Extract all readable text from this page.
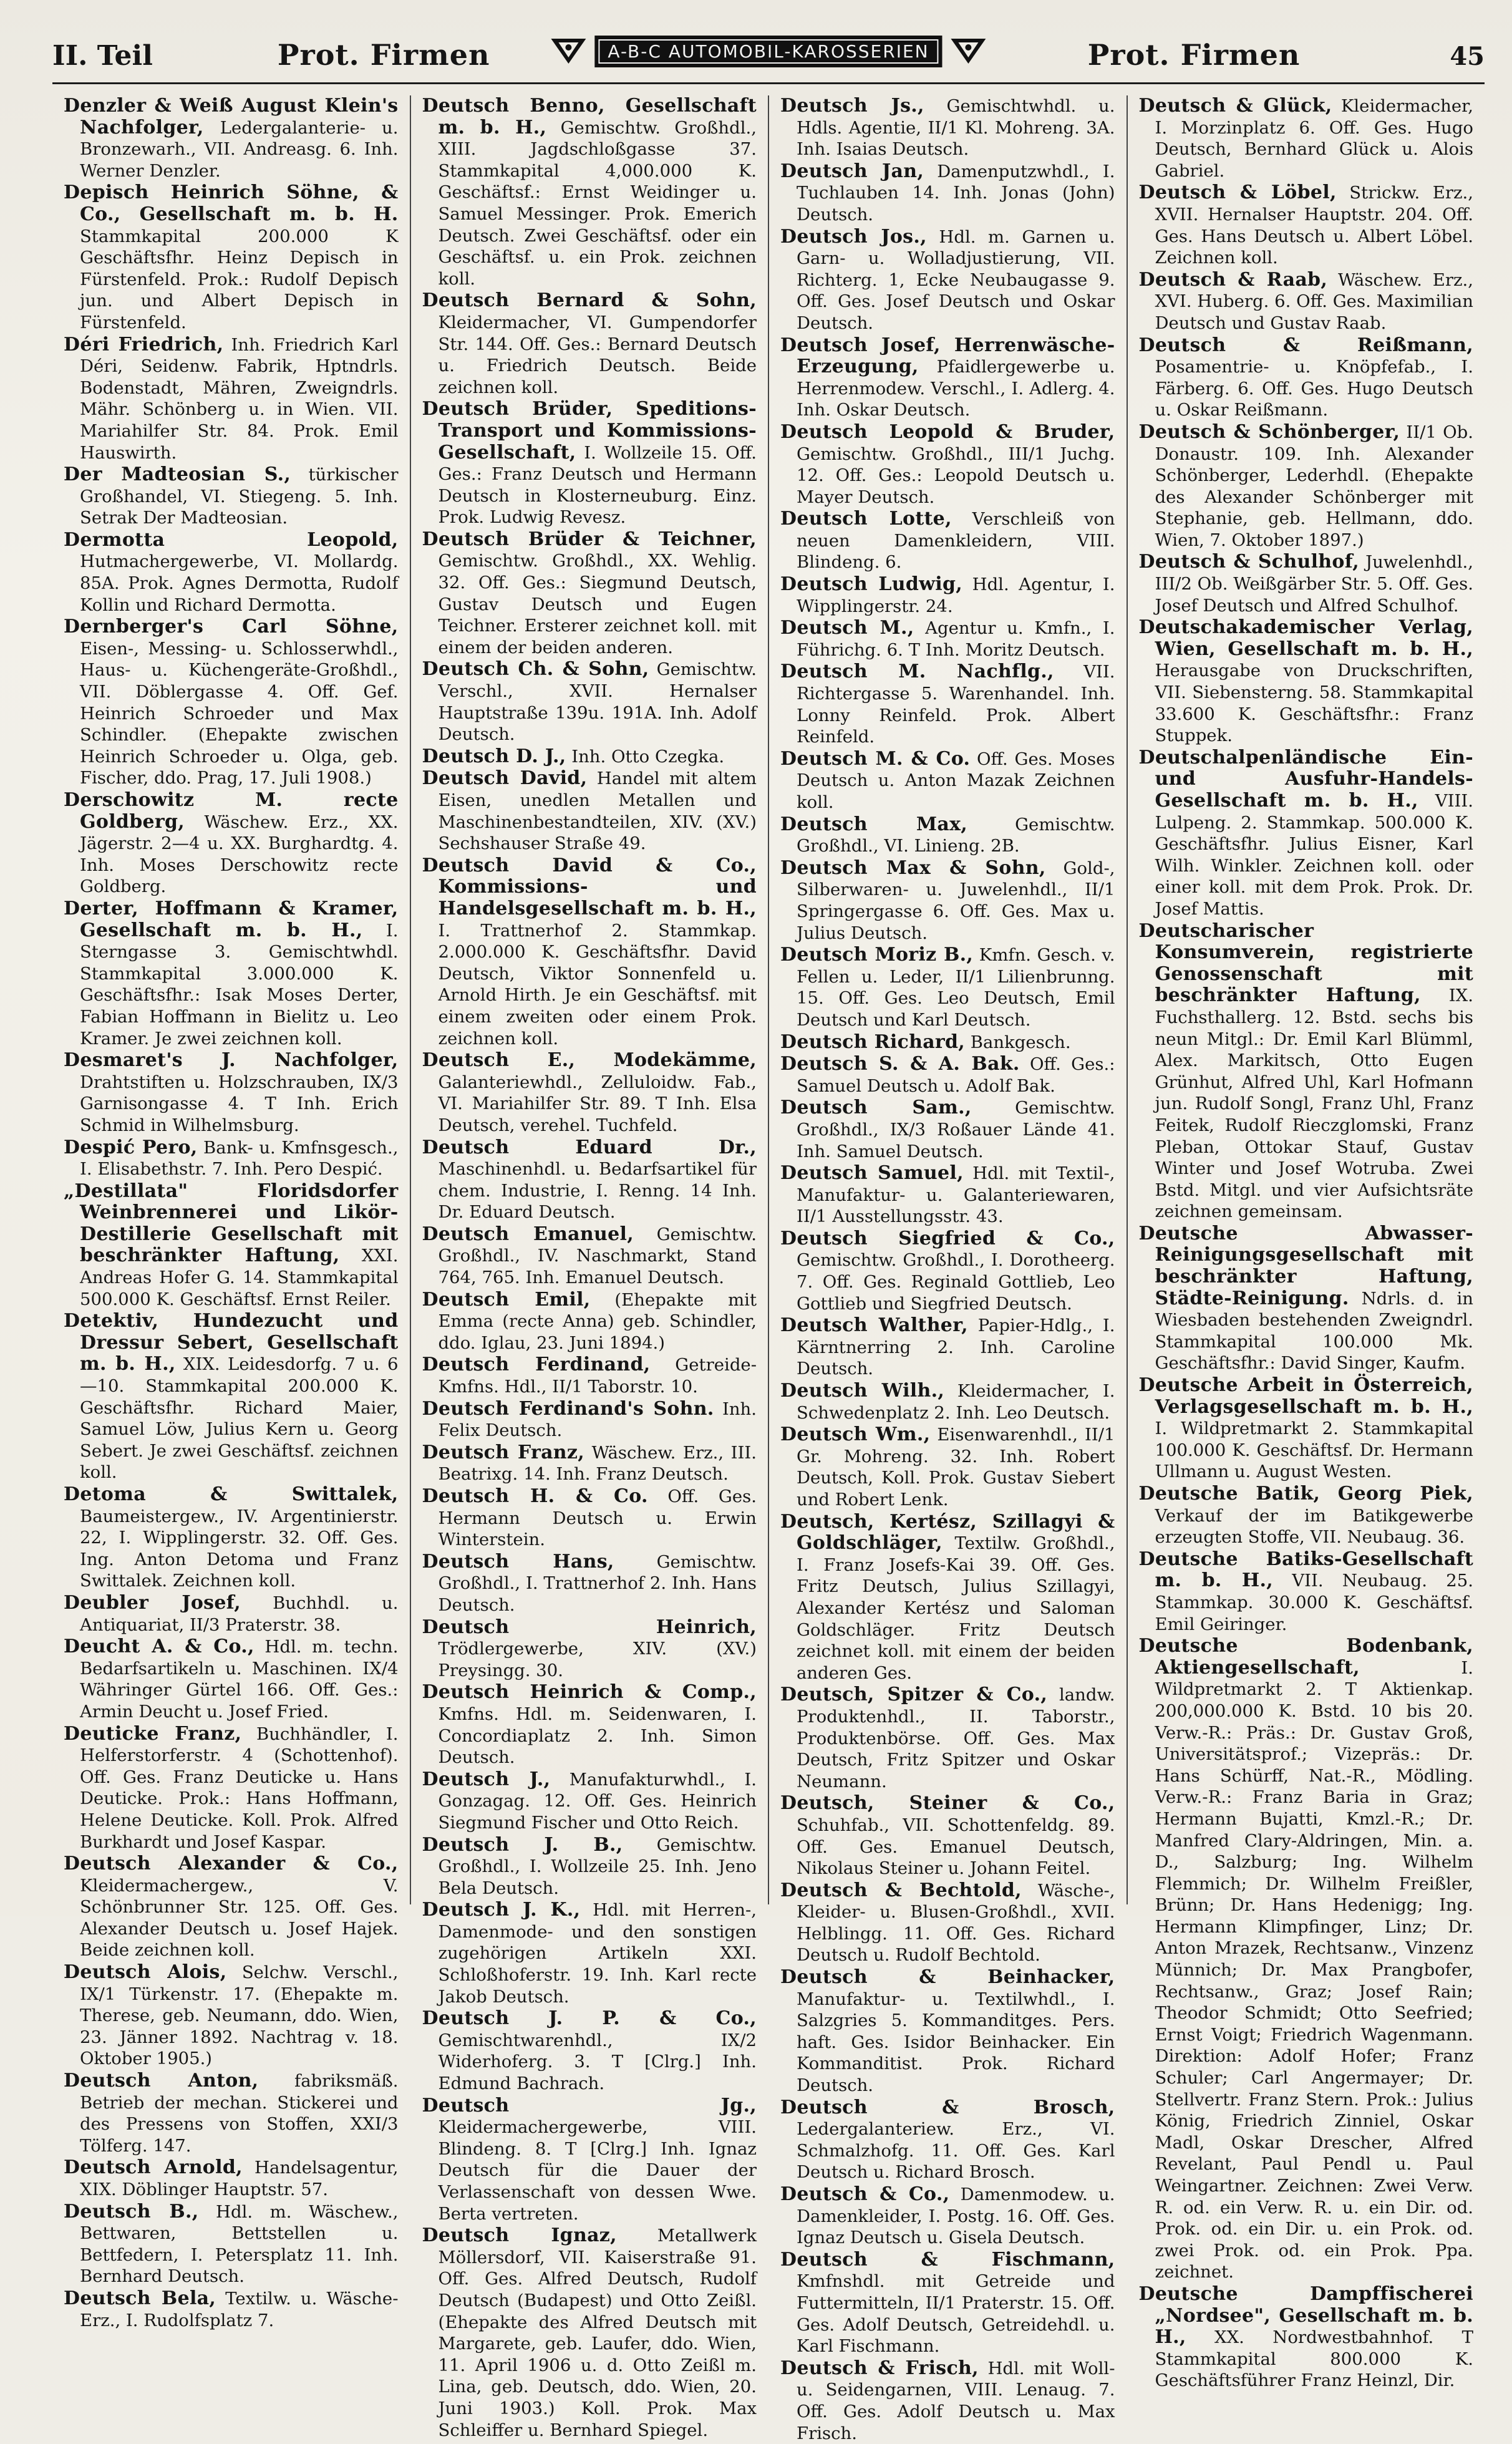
II. Teil	Prot. Firmen	A-B-C AUTOMOBIL-KAROSSERIEN	Prot. Firmen	45
Denzler & Weiß August Klein's Nachfolger, Ledergalanterie- u. Bronzewarh., VII. Andreasg. 6. Inh. Werner Denzler.
Depisch Heinrich Söhne, & Co., Gesellschaft m. b. H. Stammkapital 200.000 K Geschäftsfhr. Heinz Depisch in Fürstenfeld. Prok.: Rudolf Depisch jun. und Albert Depisch in Fürstenfeld.
Déri Friedrich, Inh. Friedrich Karl Déri, Seidenw. Fabrik, Hptndrls. Bodenstadt, Mähren, Zweigndrls. Mähr. Schönberg u. in Wien. VII. Mariahilfer Str. 84. Prok. Emil Hauswirth.
Der Madteosian S., türkischer Großhandel, VI. Stiegeng. 5. Inh. Setrak Der Madteosian.
Dermotta Leopold, Hutmachergewerbe, VI. Mollardg. 85A. Prok. Agnes Dermotta, Rudolf Kollin und Richard Dermotta.
Dernberger's Carl Söhne, Eisen-, Messing- u. Schlosserwhdl., Haus- u. Küchengeräte-Großhdl., VII. Döblergasse 4. Off. Gef. Heinrich Schroeder und Max Schindler. (Ehepakte zwischen Heinrich Schroeder u. Olga, geb. Fischer, ddo. Prag, 17. Juli 1908.)
Derschowitz M. recte Goldberg, Wäschew. Erz., XX. Jägerstr. 2—4 u. XX. Burghardtg. 4. Inh. Moses Derschowitz recte Goldberg.
Derter, Hoffmann & Kramer, Gesellschaft m. b. H., I. Sterngasse 3. Gemischtwhdl. Stammkapital 3.000.000 K. Geschäftsfhr.: Isak Moses Derter, Fabian Hoffmann in Bielitz u. Leo Kramer. Je zwei zeichnen koll.
Desmaret's J. Nachfolger, Drahtstiften u. Holzschrauben, IX/3 Garnisongasse 4. T Inh. Erich Schmid in Wilhelmsburg.
Despić Pero, Bank- u. Kmfnsgesch., I. Elisabethstr. 7. Inh. Pero Despić.
„Destillata" Floridsdorfer Weinbrennerei und Likör-Destillerie Gesellschaft mit beschränkter Haftung, XXI. Andreas Hofer G. 14. Stammkapital 500.000 K. Geschäftsf. Ernst Reiler.
Detektiv, Hundezucht und Dressur Sebert, Gesellschaft m. b. H., XIX. Leidesdorfg. 7 u. 6—10. Stammkapital 200.000 K. Geschäftsfhr. Richard Maier, Samuel Löw, Julius Kern u. Georg Sebert. Je zwei Geschäftsf. zeichnen koll.
Detoma & Swittalek, Baumeistergew., IV. Argentinierstr. 22, I. Wipplingerstr. 32. Off. Ges. Ing. Anton Detoma und Franz Swittalek. Zeichnen koll.
Deubler Josef, Buchhdl. u. Antiquariat, II/3 Praterstr. 38.
Deucht A. & Co., Hdl. m. techn. Bedarfsartikeln u. Maschinen. IX/4 Währinger Gürtel 166. Off. Ges.: Armin Deucht u. Josef Fried.
Deuticke Franz, Buchhändler, I. Helferstorferstr. 4 (Schottenhof). Off. Ges. Franz Deuticke u. Hans Deuticke. Prok.: Hans Hoffmann, Helene Deuticke. Koll. Prok. Alfred Burkhardt und Josef Kaspar.
Deutsch Alexander & Co., Kleidermachergew., V. Schönbrunner Str. 125. Off. Ges. Alexander Deutsch u. Josef Hajek. Beide zeichnen koll.
Deutsch Alois, Selchw. Verschl., IX/1 Türkenstr. 17. (Ehepakte m. Therese, geb. Neumann, ddo. Wien, 23. Jänner 1892. Nachtrag v. 18. Oktober 1905.)
Deutsch Anton, fabriksmäß. Betrieb der mechan. Stickerei und des Pressens von Stoffen, XXI/3 Tölferg. 147.
Deutsch Arnold, Handelsagentur, XIX. Döblinger Hauptstr. 57.
Deutsch B., Hdl. m. Wäschew., Bettwaren, Bettstellen u. Bettfedern, I. Petersplatz 11. Inh. Bernhard Deutsch.
Deutsch Bela, Textilw. u. Wäsche-Erz., I. Rudolfsplatz 7.
Deutsch Benno, Gesellschaft m. b. H., Gemischtw. Großhdl., XIII. Jagdschloßgasse 37. Stammkapital 4,000.000 K. Geschäftsf.: Ernst Weidinger u. Samuel Messinger. Prok. Emerich Deutsch. Zwei Geschäftsf. oder ein Geschäftsf. u. ein Prok. zeichnen koll.
Deutsch Bernard & Sohn, Kleidermacher, VI. Gumpendorfer Str. 144. Off. Ges.: Bernard Deutsch u. Friedrich Deutsch. Beide zeichnen koll.
Deutsch Brüder, Speditions-Transport und Kommissions-Gesellschaft, I. Wollzeile 15. Off. Ges.: Franz Deutsch und Hermann Deutsch in Klosterneuburg. Einz. Prok. Ludwig Revesz.
Deutsch Brüder & Teichner, Gemischtw. Großhdl., XX. Wehlig. 32. Off. Ges.: Siegmund Deutsch, Gustav Deutsch und Eugen Teichner. Ersterer zeichnet koll. mit einem der beiden anderen.
Deutsch Ch. & Sohn, Gemischtw. Verschl., XVII. Hernalser Hauptstraße 139u. 191A. Inh. Adolf Deutsch.
Deutsch D. J., Inh. Otto Czegka.
Deutsch David, Handel mit altem Eisen, unedlen Metallen und Maschinenbestandteilen, XIV. (XV.) Sechshauser Straße 49.
Deutsch David & Co., Kommissions- und Handelsgesellschaft m. b. H., I. Trattnerhof 2. Stammkap. 2.000.000 K. Geschäftsfhr. David Deutsch, Viktor Sonnenfeld u. Arnold Hirth. Je ein Geschäftsf. mit einem zweiten oder einem Prok. zeichnen koll.
Deutsch E., Modekämme, Galanteriewhdl., Zelluloidw. Fab., VI. Mariahilfer Str. 89. T Inh. Elsa Deutsch, verehel. Tuchfeld.
Deutsch Eduard Dr., Maschinenhdl. u. Bedarfsartikel für chem. Industrie, I. Renng. 14 Inh. Dr. Eduard Deutsch.
Deutsch Emanuel, Gemischtw. Großhdl., IV. Naschmarkt, Stand 764, 765. Inh. Emanuel Deutsch.
Deutsch Emil, (Ehepakte mit Emma (recte Anna) geb. Schindler, ddo. Iglau, 23. Juni 1894.)
Deutsch Ferdinand, Getreide-Kmfns. Hdl., II/1 Taborstr. 10.
Deutsch Ferdinand's Sohn. Inh. Felix Deutsch.
Deutsch Franz, Wäschew. Erz., III. Beatrixg. 14. Inh. Franz Deutsch.
Deutsch H. & Co. Off. Ges. Hermann Deutsch u. Erwin Winterstein.
Deutsch Hans, Gemischtw. Großhdl., I. Trattnerhof 2. Inh. Hans Deutsch.
Deutsch Heinrich, Trödlergewerbe, XIV. (XV.) Preysingg. 30.
Deutsch Heinrich & Comp., Kmfns. Hdl. m. Seidenwaren, I. Concordiaplatz 2. Inh. Simon Deutsch.
Deutsch J., Manufakturwhdl., I. Gonzagag. 12. Off. Ges. Heinrich Siegmund Fischer und Otto Reich.
Deutsch J. B., Gemischtw. Großhdl., I. Wollzeile 25. Inh. Jeno Bela Deutsch.
Deutsch J. K., Hdl. mit Herren-, Damenmode- und den sonstigen zugehörigen Artikeln XXI. Schloßhoferstr. 19. Inh. Karl recte Jakob Deutsch.
Deutsch J. P. & Co., Gemischtwarenhdl., IX/2 Widerhoferg. 3. T [Clrg.] Inh. Edmund Bachrach.
Deutsch Jg., Kleidermachergewerbe, VIII. Blindeng. 8. T [Clrg.] Inh. Ignaz Deutsch für die Dauer der Verlassenschaft von dessen Wwe. Berta vertreten.
Deutsch Ignaz, Metallwerk Möllersdorf, VII. Kaiserstraße 91. Off. Ges. Alfred Deutsch, Rudolf Deutsch (Budapest) und Otto Zeißl. (Ehepakte des Alfred Deutsch mit Margarete, geb. Laufer, ddo. Wien, 11. April 1906 u. d. Otto Zeißl m. Lina, geb. Deutsch, ddo. Wien, 20. Juni 1903.) Koll. Prok. Max Schleiffer u. Bernhard Spiegel.
Deutsch Js., Gemischtwhdl. u. Hdls. Agentie, II/1 Kl. Mohreng. 3A. Inh. Isaias Deutsch.
Deutsch Jan, Damenputzwhdl., I. Tuchlauben 14. Inh. Jonas (John) Deutsch.
Deutsch Jos., Hdl. m. Garnen u. Garn- u. Wolladjustierung, VII. Richterg. 1, Ecke Neubaugasse 9. Off. Ges. Josef Deutsch und Oskar Deutsch.
Deutsch Josef, Herrenwäsche-Erzeugung, Pfaidlergewerbe u. Herrenmodew. Verschl., I. Adlerg. 4. Inh. Oskar Deutsch.
Deutsch Leopold & Bruder, Gemischtw. Großhdl., III/1 Juchg. 12. Off. Ges.: Leopold Deutsch u. Mayer Deutsch.
Deutsch Lotte, Verschleiß von neuen Damenkleidern, VIII. Blindeng. 6.
Deutsch Ludwig, Hdl. Agentur, I. Wipplingerstr. 24.
Deutsch M., Agentur u. Kmfn., I. Führichg. 6. T Inh. Moritz Deutsch.
Deutsch M. Nachflg., VII. Richtergasse 5. Warenhandel. Inh. Lonny Reinfeld. Prok. Albert Reinfeld.
Deutsch M. & Co. Off. Ges. Moses Deutsch u. Anton Mazak Zeichnen koll.
Deutsch Max, Gemischtw. Großhdl., VI. Linieng. 2B.
Deutsch Max & Sohn, Gold-, Silberwaren- u. Juwelenhdl., II/1 Springergasse 6. Off. Ges. Max u. Julius Deutsch.
Deutsch Moriz B., Kmfn. Gesch. v. Fellen u. Leder, II/1 Lilienbrunng. 15. Off. Ges. Leo Deutsch, Emil Deutsch und Karl Deutsch.
Deutsch Richard, Bankgesch.
Deutsch S. & A. Bak. Off. Ges.: Samuel Deutsch u. Adolf Bak.
Deutsch Sam., Gemischtw. Großhdl., IX/3 Roßauer Lände 41. Inh. Samuel Deutsch.
Deutsch Samuel, Hdl. mit Textil-, Manufaktur- u. Galanteriewaren, II/1 Ausstellungsstr. 43.
Deutsch Siegfried & Co., Gemischtw. Großhdl., I. Dorotheerg. 7. Off. Ges. Reginald Gottlieb, Leo Gottlieb und Siegfried Deutsch.
Deutsch Walther, Papier-Hdlg., I. Kärntnerring 2. Inh. Caroline Deutsch.
Deutsch Wilh., Kleidermacher, I. Schwedenplatz 2. Inh. Leo Deutsch.
Deutsch Wm., Eisenwarenhdl., II/1 Gr. Mohreng. 32. Inh. Robert Deutsch, Koll. Prok. Gustav Siebert und Robert Lenk.
Deutsch, Kertész, Szillagyi & Goldschläger, Textilw. Großhdl., I. Franz Josefs-Kai 39. Off. Ges. Fritz Deutsch, Julius Szillagyi, Alexander Kertész und Saloman Goldschläger. Fritz Deutsch zeichnet koll. mit einem der beiden anderen Ges.
Deutsch, Spitzer & Co., landw. Produktenhdl., II. Taborstr., Produktenbörse. Off. Ges. Max Deutsch, Fritz Spitzer und Oskar Neumann.
Deutsch, Steiner & Co., Schuhfab., VII. Schottenfeldg. 89. Off. Ges. Emanuel Deutsch, Nikolaus Steiner u. Johann Feitel.
Deutsch & Bechtold, Wäsche-, Kleider- u. Blusen-Großhdl., XVII. Helblingg. 11. Off. Ges. Richard Deutsch u. Rudolf Bechtold.
Deutsch & Beinhacker, Manufaktur- u. Textilwhdl., I. Salzgries 5. Kommanditges. Pers. haft. Ges. Isidor Beinhacker. Ein Kommanditist. Prok. Richard Deutsch.
Deutsch & Brosch, Ledergalanteriew. Erz., VI. Schmalzhofg. 11. Off. Ges. Karl Deutsch u. Richard Brosch.
Deutsch & Co., Damenmodew. u. Damenkleider, I. Postg. 16. Off. Ges. Ignaz Deutsch u. Gisela Deutsch.
Deutsch & Fischmann, Kmfnshdl. mit Getreide und Futtermitteln, II/1 Praterstr. 15. Off. Ges. Adolf Deutsch, Getreidehdl. u. Karl Fischmann.
Deutsch & Frisch, Hdl. mit Woll- u. Seidengarnen, VIII. Lenaug. 7. Off. Ges. Adolf Deutsch u. Max Frisch.
Deutsch & Glück, Kleidermacher, I. Morzinplatz 6. Off. Ges. Hugo Deutsch, Bernhard Glück u. Alois Gabriel.
Deutsch & Löbel, Strickw. Erz., XVII. Hernalser Hauptstr. 204. Off. Ges. Hans Deutsch u. Albert Löbel. Zeichnen koll.
Deutsch & Raab, Wäschew. Erz., XVI. Huberg. 6. Off. Ges. Maximilian Deutsch und Gustav Raab.
Deutsch & Reißmann, Posamentrie- u. Knöpfefab., I. Färberg. 6. Off. Ges. Hugo Deutsch u. Oskar Reißmann.
Deutsch & Schönberger, II/1 Ob. Donaustr. 109. Inh. Alexander Schönberger, Lederhdl. (Ehepakte des Alexander Schönberger mit Stephanie, geb. Hellmann, ddo. Wien, 7. Oktober 1897.)
Deutsch & Schulhof, Juwelenhdl., III/2 Ob. Weißgärber Str. 5. Off. Ges. Josef Deutsch und Alfred Schulhof.
Deutschakademischer Verlag, Wien, Gesellschaft m. b. H., Herausgabe von Druckschriften, VII. Siebensterng. 58. Stammkapital 33.600 K. Geschäftsfhr.: Franz Stuppek.
Deutschalpenländische Ein- und Ausfuhr-Handels-Gesellschaft m. b. H., VIII. Lulpeng. 2. Stammkap. 500.000 K. Geschäftsfhr. Julius Eisner, Karl Wilh. Winkler. Zeichnen koll. oder einer koll. mit dem Prok. Prok. Dr. Josef Mattis.
Deutscharischer Konsumverein, registrierte Genossenschaft mit beschränkter Haftung, IX. Fuchsthallerg. 12. Bstd. sechs bis neun Mitgl.: Dr. Emil Karl Blümml, Alex. Markitsch, Otto Eugen Grünhut, Alfred Uhl, Karl Hofmann jun. Rudolf Songl, Franz Uhl, Franz Feitek, Rudolf Rieczglomski, Franz Pleban, Ottokar Stauf, Gustav Winter und Josef Wotruba. Zwei Bstd. Mitgl. und vier Aufsichtsräte zeichnen gemeinsam.
Deutsche Abwasser-Reinigungsgesellschaft mit beschränkter Haftung, Städte-Reinigung. Ndrls. d. in Wiesbaden bestehenden Zweigndrl. Stammkapital 100.000 Mk. Geschäftsfhr.: David Singer, Kaufm.
Deutsche Arbeit in Österreich, Verlagsgesellschaft m. b. H., I. Wildpretmarkt 2. Stammkapital 100.000 K. Geschäftsf. Dr. Hermann Ullmann u. August Westen.
Deutsche Batik, Georg Piek, Verkauf der im Batikgewerbe erzeugten Stoffe, VII. Neubaug. 36.
Deutsche Batiks-Gesellschaft m. b. H., VII. Neubaug. 25. Stammkap. 30.000 K. Geschäftsf. Emil Geiringer.
Deutsche Bodenbank, Aktiengesellschaft, I. Wildpretmarkt 2. T Aktienkap. 200,000.000 K. Bstd. 10 bis 20. Verw.-R.: Präs.: Dr. Gustav Groß, Universitätsprof.; Vizepräs.: Dr. Hans Schürff, Nat.-R., Mödling. Verw.-R.: Franz Baria in Graz; Hermann Bujatti, Kmzl.-R.; Dr. Manfred Clary-Aldringen, Min. a. D., Salzburg; Ing. Wilhelm Flemmich; Dr. Wilhelm Freißler, Brünn; Dr. Hans Hedenigg; Ing. Hermann Klimpfinger, Linz; Dr. Anton Mrazek, Rechtsanw., Vinzenz Münnich; Dr. Max Prangbofer, Rechtsanw., Graz; Josef Rain; Theodor Schmidt; Otto Seefried; Ernst Voigt; Friedrich Wagenmann. Direktion: Adolf Hofer; Franz Schuler; Carl Angermayer; Dr. Stellvertr. Franz Stern. Prok.: Julius König, Friedrich Zinniel, Oskar Madl, Oskar Drescher, Alfred Revelant, Paul Pendl u. Paul Weingartner. Zeichnen: Zwei Verw. R. od. ein Verw. R. u. ein Dir. od. Prok. od. ein Dir. u. ein Prok. od. zwei Prok. od. ein Prok. Ppa. zeichnet.
Deutsche Dampffischerei „Nordsee", Gesellschaft m. b. H., XX. Nordwestbahnhof. T Stammkapital 800.000 K. Geschäftsführer Franz Heinzl, Dir.
